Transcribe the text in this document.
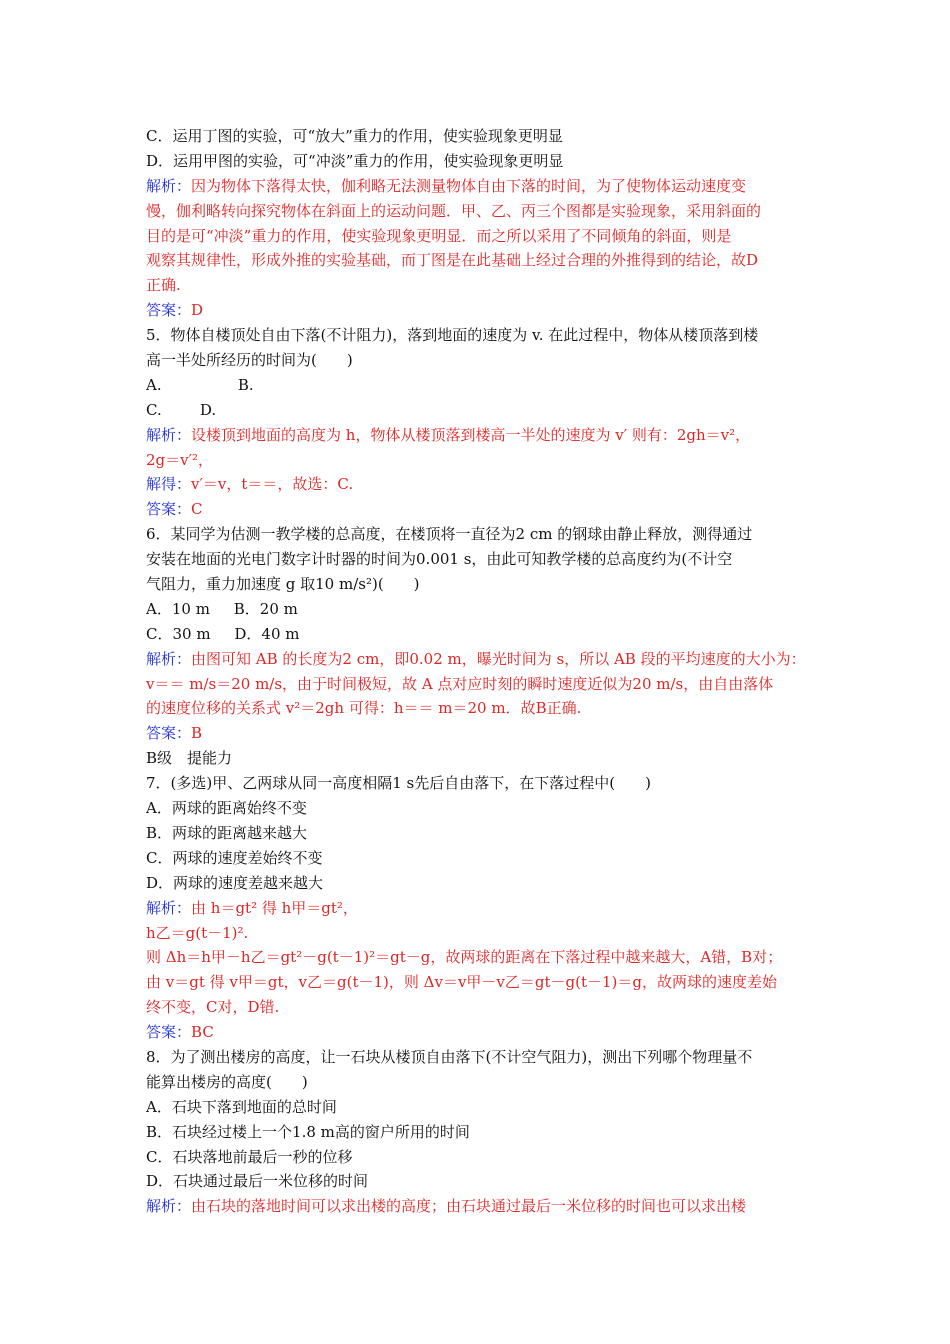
C．运用丁图的实验，可“放大”重力的作用，使实验现象更明显
D．运用甲图的实验，可“冲淡”重力的作用，使实验现象更明显
解析：因为物体下落得太快，伽利略无法测量物体自由下落的时间，为了使物体运动速度变
慢，伽利略转向探究物体在斜面上的运动问题．甲、乙、丙三个图都是实验现象，采用斜面的
目的是可“冲淡”重力的作用，使实验现象更明显．而之所以采用了不同倾角的斜面，则是
观察其规律性，形成外推的实验基础，而丁图是在此基础上经过合理的外推得到的结论，故D
正确.
答案：D
5．物体自楼顶处自由下落(不计阻力)，落到地面的速度为 v. 在此过程中，物体从楼顶落到楼
高一半处所经历的时间为(　　)
A.                B.
C.        D.
解析：设楼顶到地面的高度为 h，物体从楼顶落到楼高一半处的速度为 v′ 则有：2gh＝v²，
2g＝v′²，
解得：v′＝v，t＝＝，故选：C.
答案：C
6．某同学为估测一教学楼的总高度，在楼顶将一直径为2 cm 的钢球由静止释放，测得通过
安装在地面的光电门数字计时器的时间为0.001 s，由此可知教学楼的总高度约为(不计空
气阻力，重力加速度 g 取10 m/s²)(　　)
A．10 m     B．20 m
C．30 m     D．40 m
解析：由图可知 AB 的长度为2 cm，即0.02 m，曝光时间为 s，所以 AB 段的平均速度的大小为：
v＝＝ m/s＝20 m/s，由于时间极短，故 A 点对应时刻的瞬时速度近似为20 m/s，由自由落体
的速度位移的关系式 v²＝2gh 可得：h＝＝ m＝20 m．故B正确.
答案：B
B级　提能力
7．(多选)甲、乙两球从同一高度相隔1 s先后自由落下，在下落过程中(　　)
A．两球的距离始终不变
B．两球的距离越来越大
C．两球的速度差始终不变
D．两球的速度差越来越大
解析：由 h＝gt² 得 h甲＝gt²，
h乙＝g(t－1)².
则 Δh＝h甲－h乙＝gt²－g(t－1)²＝gt－g，故两球的距离在下落过程中越来越大，A错，B对；
由 v＝gt 得 v甲＝gt，v乙＝g(t－1)，则 Δv＝v甲－v乙＝gt－g(t－1)＝g，故两球的速度差始
终不变，C对，D错.
答案：BC
8．为了测出楼房的高度，让一石块从楼顶自由落下(不计空气阻力)，测出下列哪个物理量不
能算出楼房的高度(　　)
A．石块下落到地面的总时间
B．石块经过楼上一个1.8 m高的窗户所用的时间
C．石块落地前最后一秒的位移
D．石块通过最后一米位移的时间
解析：由石块的落地时间可以求出楼的高度；由石块通过最后一米位移的时间也可以求出楼
